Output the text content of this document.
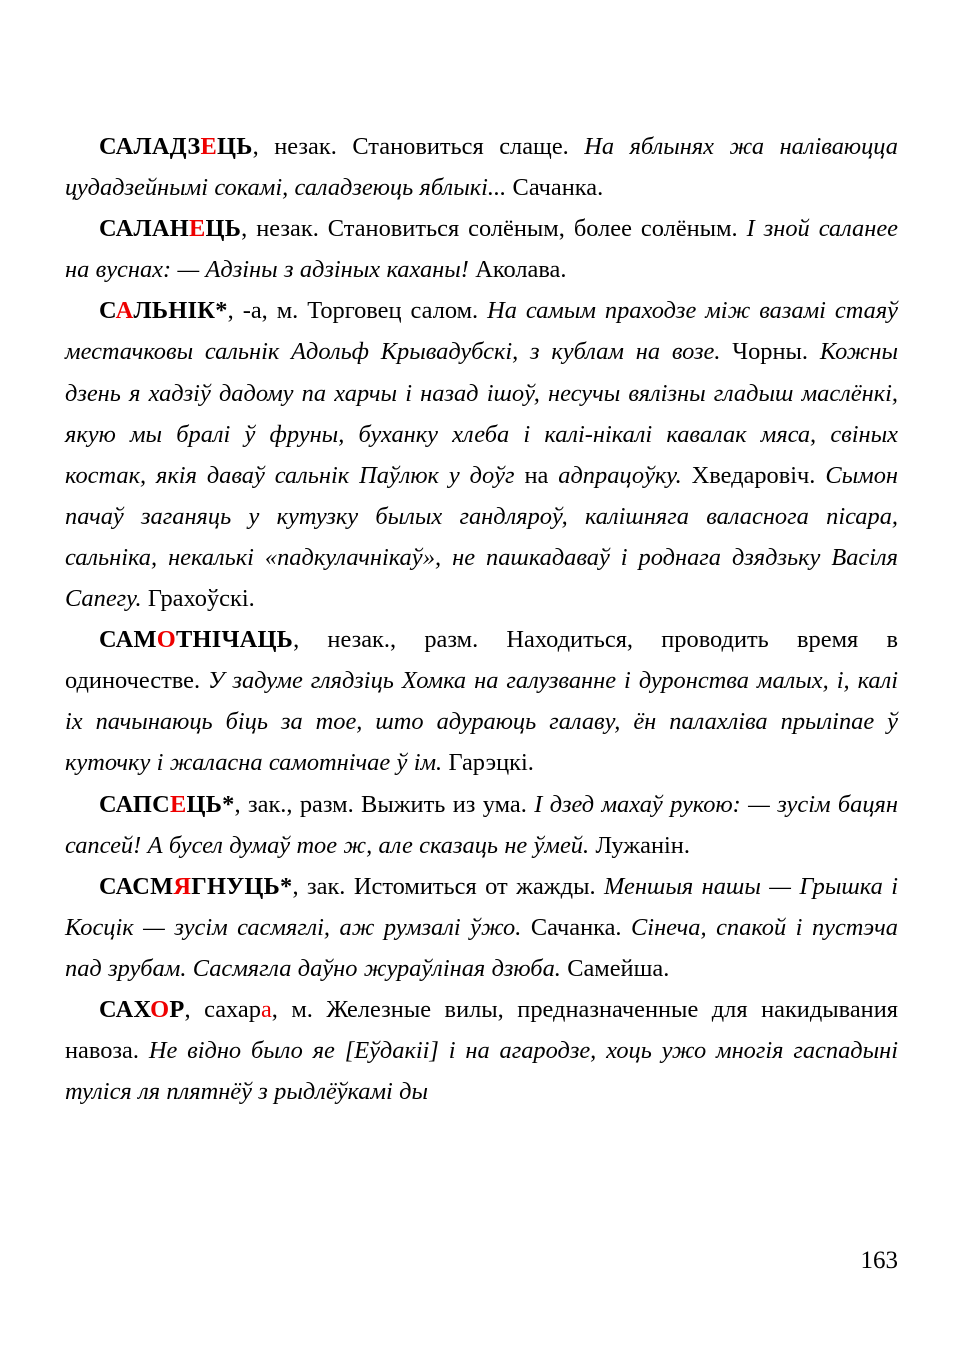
САЛАДЗЕЦЬ, незак. Становиться слаще. На яблынях жа налiваюцца цудадзейнымi сокамi, саладзеюць яблыкi... Сачанка.

САЛАНЕЦЬ, незак. Становиться солёным, более солёным. I зной саланее на вуснах: — Адзiны з адзiных каханы! Аколава.

САЛЬНIК*, -а, м. Торговец салом. На самым праходзе мiж вазамi стаяў местачковы сальнiк Адольф Крывадубскi, з кублам на возе. Чорны. Кожны дзень я хадзiў дадому па харчы i назад iшоў, несучы вялiзны гладыш маслёнкi, якую мы бралi ў фруны, буханку хлеба i калi-нiкалi кавалак мяса, свiных костак, якiя даваў сальнiк Паўлюк у доўг на адпрацоўку. Хведаровiч. Сымон пачаў заганяць у кутузку былых гандляроў, калiшняга валаснога пiсара, сальнiка, некалькi «падкулачнiкаў», не пашкадаваў i роднага дзядзьку Васiля Сапегу. Грахоўскi.

САМОТНIЧАЦЬ, незак., разм. Находиться, проводить время в одиночестве. У задуме глядзiць Хомка на галузванне i дуронства малых, i, калi iх пачынаюць бiць за тое, што адураюць галаву, ён палахлiва прылiпае ў куточку i жаласна самотнiчае ў iм. Гарэцкi.

САПСЕЦЬ*, зак., разм. Выжить из ума. I дзед махаў рукою: — зусiм бацян сапсей! А бусел думаў тое ж, але сказаць не ўмей. Лужанiн.

САСМЯГНУЦЬ*, зак. Истомиться от жажды. Меншыя нашы — Грышка i Косцiк — зусiм сасмяглi, аж румзалi ўжо. Сачанка. Сiнеча, спакой i пустэча пад зрубам. Сасмягла даўно жураўлiная дзюба. Самейша.

САХОР, сахара, м. Железные вилы, предназначенные для накидывания навоза. Не вiдно было яе [Еўдакii] i на агародзе, хоць ужо многiя гаспадынi тулiся ля плятнёў з рыдлёўкамi ды

163
